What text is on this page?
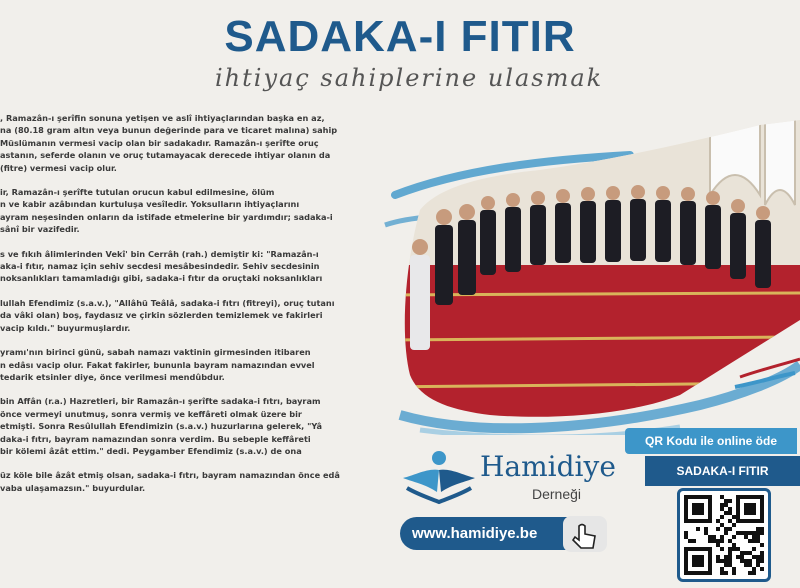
SADAKA-I FITIR
ihtiyaç sahiplerine ulasmak

, Ramazân-ı şerîfin sonuna yetişen ve aslî ihtiyaçlarından başka en az,
na (80.18 gram altın veya bunun değerinde para ve ticaret malına) sahip
Müslümanın vermesi vacip olan bir sadakadır. Ramazân-ı şerîfte oruç
astanın, seferde olanın ve oruç tutamayacak derecede ihtiyar olanın da
(fitre) vermesi vacip olur.

ir, Ramazân-ı şerîfte tutulan orucun kabul edilmesine, ölüm
n ve kabir azâbından kurtuluşa vesîledir. Yoksulların ihtiyaçlarını
ayram neşesinden onların da istifade etmelerine bir yardımdır; sadaka-i
sânî bir vazifedir.

s ve fıkıh âlimlerinden Vekî' bin Cerrâh (rah.) demiştir ki: "Ramazân-ı
aka-i fıtır, namaz için sehiv secdesi mesâbesindedir. Sehiv secdesinin
noksanlıkları tamamladığı gibi, sadaka-i fıtır da oruçtaki noksanlıkları

lullah Efendimiz (s.a.v.), "Allâhü Teâlâ, sadaka-i fıtrı (fitreyi), oruç tutanı
da vâki olan) boş, faydasız ve çirkin sözlerden temizlemek ve fakirleri
vacip kıldı." buyurmuşlardır.

yramı'nın birinci günü, sabah namazı vaktinin girmesinden itibaren
n edâsı vacip olur. Fakat fakirler, bununla bayram namazından evvel
tedarik etsinler diye, önce verilmesi mendûbdur.

bin Affân (r.a.) Hazretleri, bir Ramazân-ı şerîfte sadaka-i fıtrı, bayram
önce vermeyi unutmuş, sonra vermiş ve keffâreti olmak üzere bir
etmişti. Sonra Resûlullah Efendimizin (s.a.v.) huzurlarına gelerek, "Yâ
daka-i fıtrı, bayram namazından sonra verdim. Bu sebeple keffâreti
bir kölemi âzât ettim." dedi. Peygamber Efendimiz (s.a.v.) de ona

üz köle bile âzât etmiş olsan, sadaka-i fıtrı, bayram namazından önce edâ
vaba ulaşamazsın." buyurdular.

Hamidiye
Derneği
www.hamidiye.be
QR Kodu ile online öde
SADAKA-I FITIR
